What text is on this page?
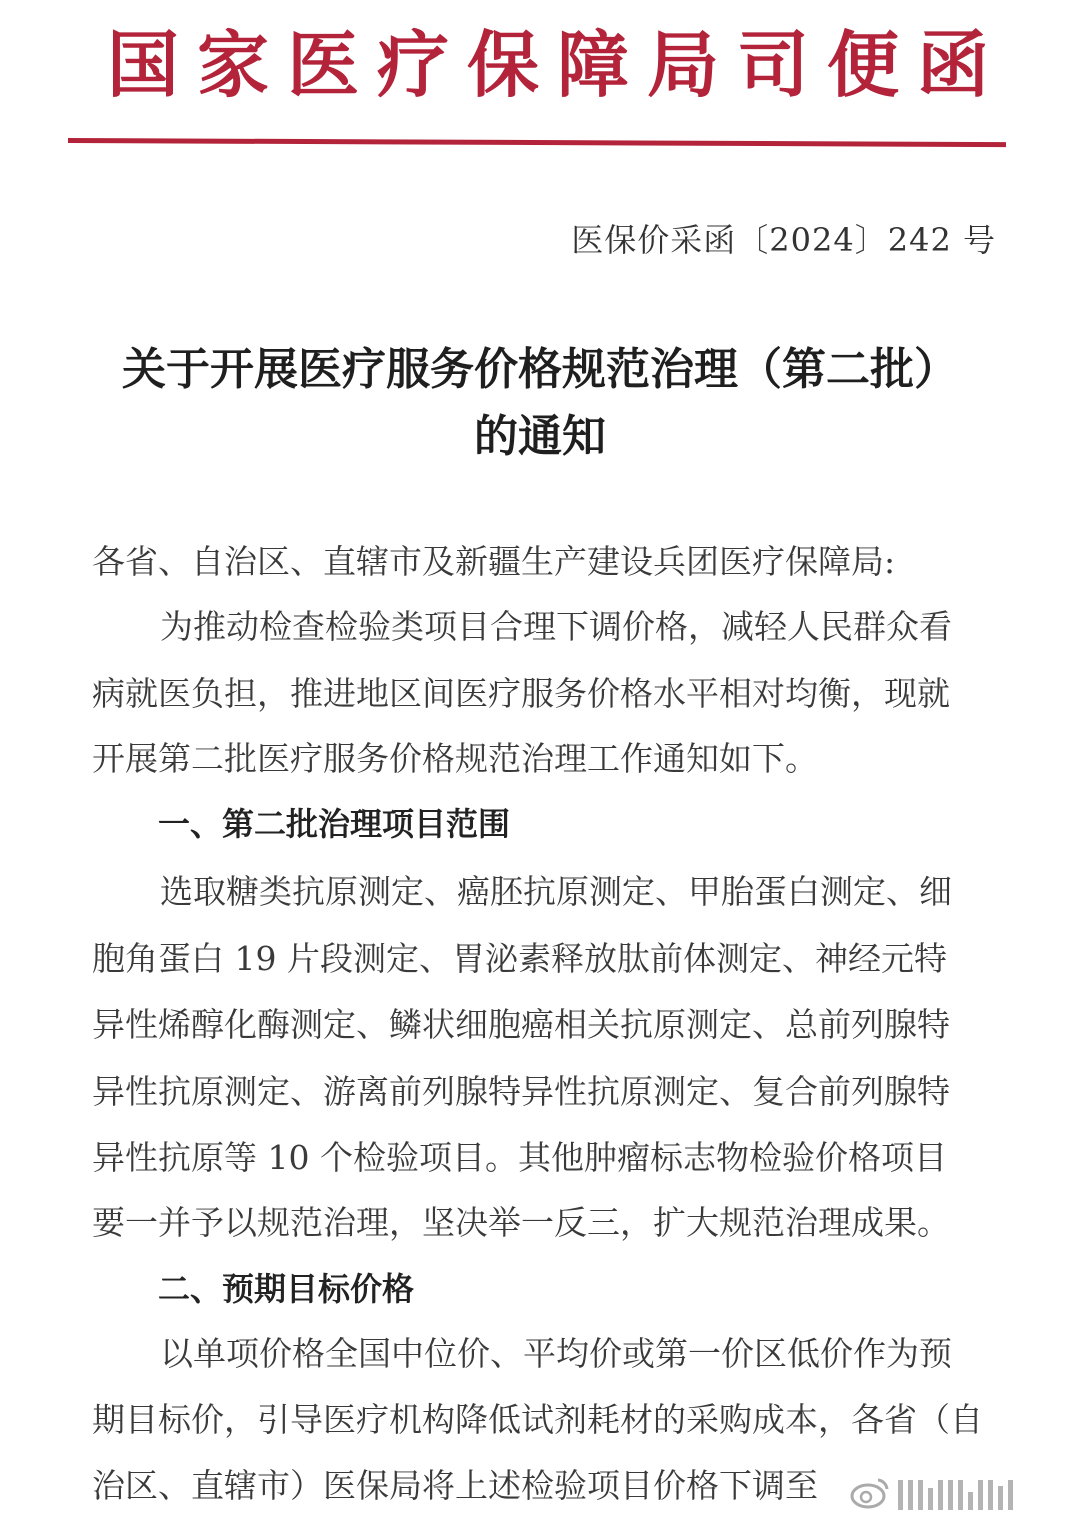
国 家 医 疗 保 障 局 司 便 函
医保价采函〔2024〕242 号
关于开展医疗服务价格规范治理（第二批）
的通知
各省、自治区、直辖市及新疆生产建设兵团医疗保障局:
为推动检查检验类项目合理下调价格，减轻人民群众看
病就医负担，推进地区间医疗服务价格水平相对均衡，现就
开展第二批医疗服务价格规范治理工作通知如下。
一、第二批治理项目范围
选取糖类抗原测定、癌胚抗原测定、甲胎蛋白测定、细
胞角蛋白 19 片段测定、胃泌素释放肽前体测定、神经元特
异性烯醇化酶测定、鳞状细胞癌相关抗原测定、总前列腺特
异性抗原测定、游离前列腺特异性抗原测定、复合前列腺特
异性抗原等 10 个检验项目。其他肿瘤标志物检验价格项目
要一并予以规范治理，坚决举一反三，扩大规范治理成果。
二、预期目标价格
以单项价格全国中位价、平均价或第一价区低价作为预
期目标价，引导医疗机构降低试剂耗材的采购成本，各省（自
治区、直辖市）医保局将上述检验项目价格下调至
